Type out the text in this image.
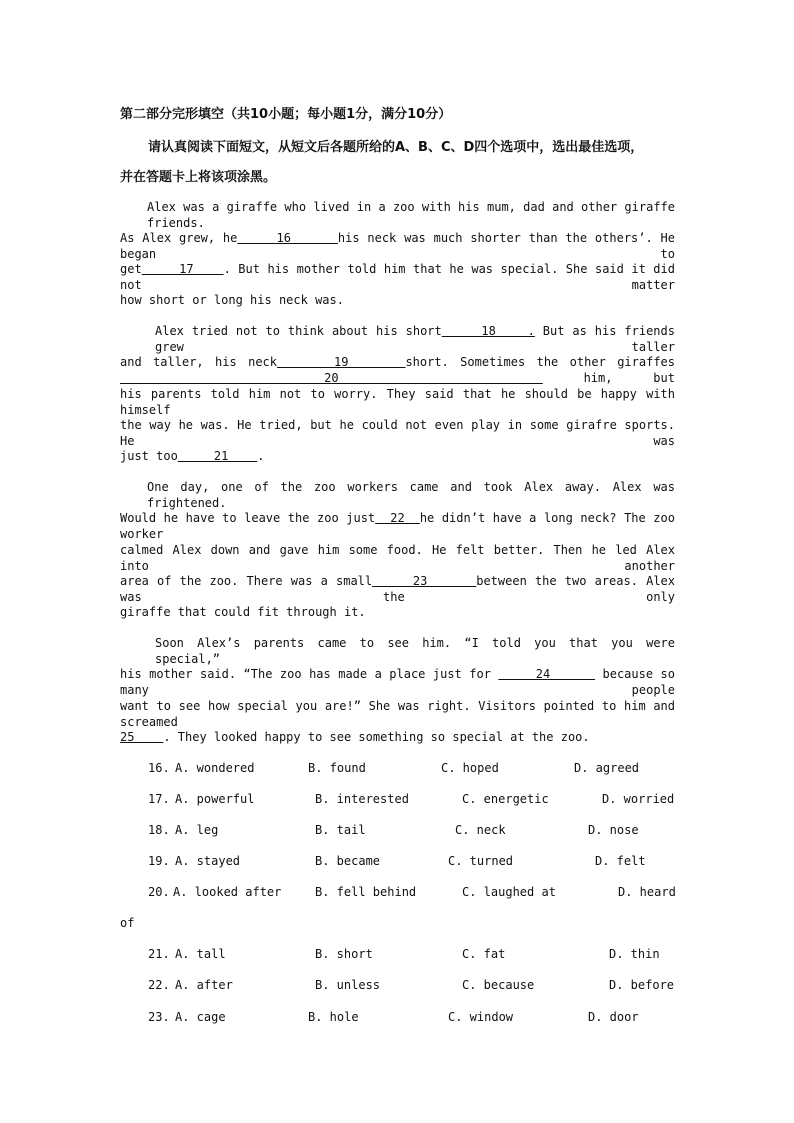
第二部分完形填空（共10小题；每小题1分，满分10分）
请认真阅读下面短文，从短文后各题所给的A、B、C、D四个选项中，选出最佳选项，
并在答题卡上将该项涂黑。
Alex was a giraffe who lived in a zoo with his mum, dad and other giraffe friends.
As Alex grew, he     16      his neck was much shorter than the others’. He began to
get     17    . But his mother told him that he was special. She said it did not matter
how short or long his neck was.
Alex tried not to think about his short     18    . But as his friends grew taller
and taller, his neck     19     short. Sometimes the other giraffes     20      him, but
his parents told him not to worry. They said that he should be happy with himself
the way he was. He tried, but he could not even play in some girafre sports. He was
just too     21    .
One day, one of the zoo workers came and took Alex away. Alex was frightened.
Would he have to leave the zoo just  22  he didn’t have a long neck? The zoo worker
calmed Alex down and gave him some food. He felt better. Then he led Alex into another
area of the zoo. There was a small     23      between the two areas. Alex was the only
giraffe that could fit through it.
Soon Alex’s parents came to see him. “I told you that you were special,”
his mother said. “The zoo has made a place just for      24       because so many people
want to see how special you are!” She was right. Visitors pointed to him and screamed
25    . They looked happy to see something so special at the zoo.
16. A. wondered	B. found	C. hoped	D. agreed
17. A. powerful	B. interested	C. energetic	D. worried
18. A. leg	B. tail	C. neck	D. nose
19. A. stayed	B. became	C. turned	D. felt
20. A. looked after	B. fell behind	C. laughed at	D. heard
of
21. A. tall	B. short	C. fat	D. thin
22. A. after	B. unless	C. because	D. before
23. A. cage	B. hole	C. window	D. door
